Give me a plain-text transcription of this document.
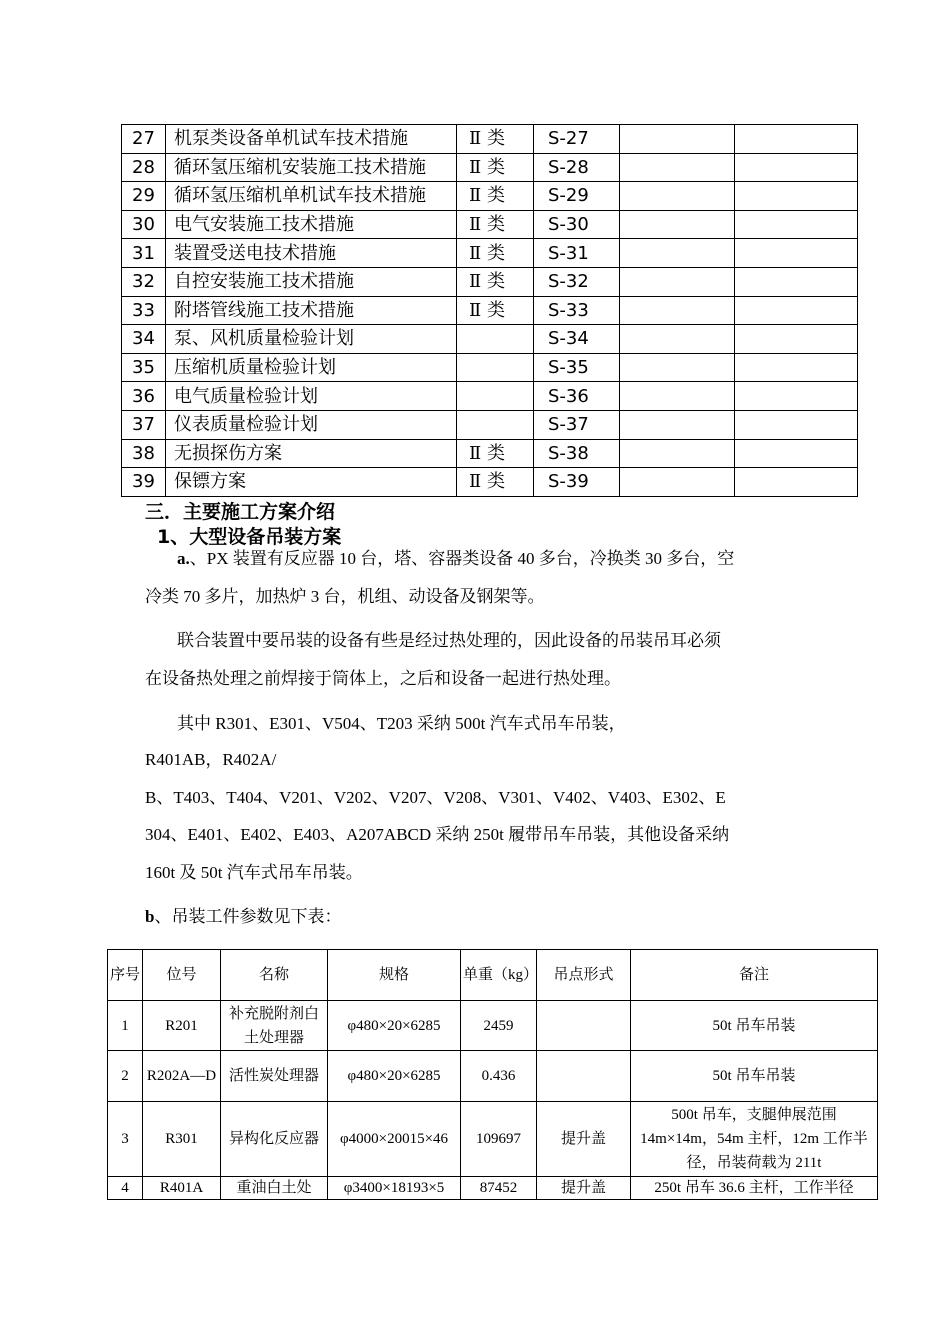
27	机泵类设备单机试车技术措施	Ⅱ 类	S-27		
28	循环氢压缩机安装施工技术措施	Ⅱ 类	S-28		
29	循环氢压缩机单机试车技术措施	Ⅱ 类	S-29		
30	电气安装施工技术措施	Ⅱ 类	S-30		
31	装置受送电技术措施	Ⅱ 类	S-31		
32	自控安装施工技术措施	Ⅱ 类	S-32		
33	附塔管线施工技术措施	Ⅱ 类	S-33		
34	泵、风机质量检验计划		S-34		
35	压缩机质量检验计划		S-35		
36	电气质量检验计划		S-36		
37	仪表质量检验计划		S-37		
38	无损探伤方案	Ⅱ 类	S-38		
39	保镖方案	Ⅱ 类	S-39		
三．主要施工方案介绍
1、大型设备吊装方案
a.、PX 装置有反应器 10 台，塔、容器类设备 40 多台，冷换类 30 多台，空
冷类 70 多片，加热炉 3 台，机组、动设备及钢架等。
联合装置中要吊装的设备有些是经过热处理的，因此设备的吊装吊耳必须
在设备热处理之前焊接于筒体上，之后和设备一起进行热处理。
其中 R301、E301、V504、T203 采纳 500t 汽车式吊车吊装，
R401AB，R402A/
B、T403、T404、V201、V202、V207、V208、V301、V402、V403、E302、E
304、E401、E402、E403、A207ABCD 采纳 250t 履带吊车吊装，其他设备采纳
160t 及 50t 汽车式吊车吊装。
b、吊装工件参数见下表：
序号	位号	名称	规格	单重（kg）	吊点形式	备注
1	R201	补充脱附剂白土处理器	φ480×20×6285	2459		50t 吊车吊装
2	R202A—D	活性炭处理器	φ480×20×6285	0.436		50t 吊车吊装
3	R301	异构化反应器	φ4000×20015×46	109697	提升盖	500t 吊车，支腿伸展范围 14m×14m，54m 主杆，12m 工作半径，吊装荷载为 211t
4	R401A	重油白土处	φ3400×18193×5	87452	提升盖	250t 吊车 36.6 主杆，工作半径
